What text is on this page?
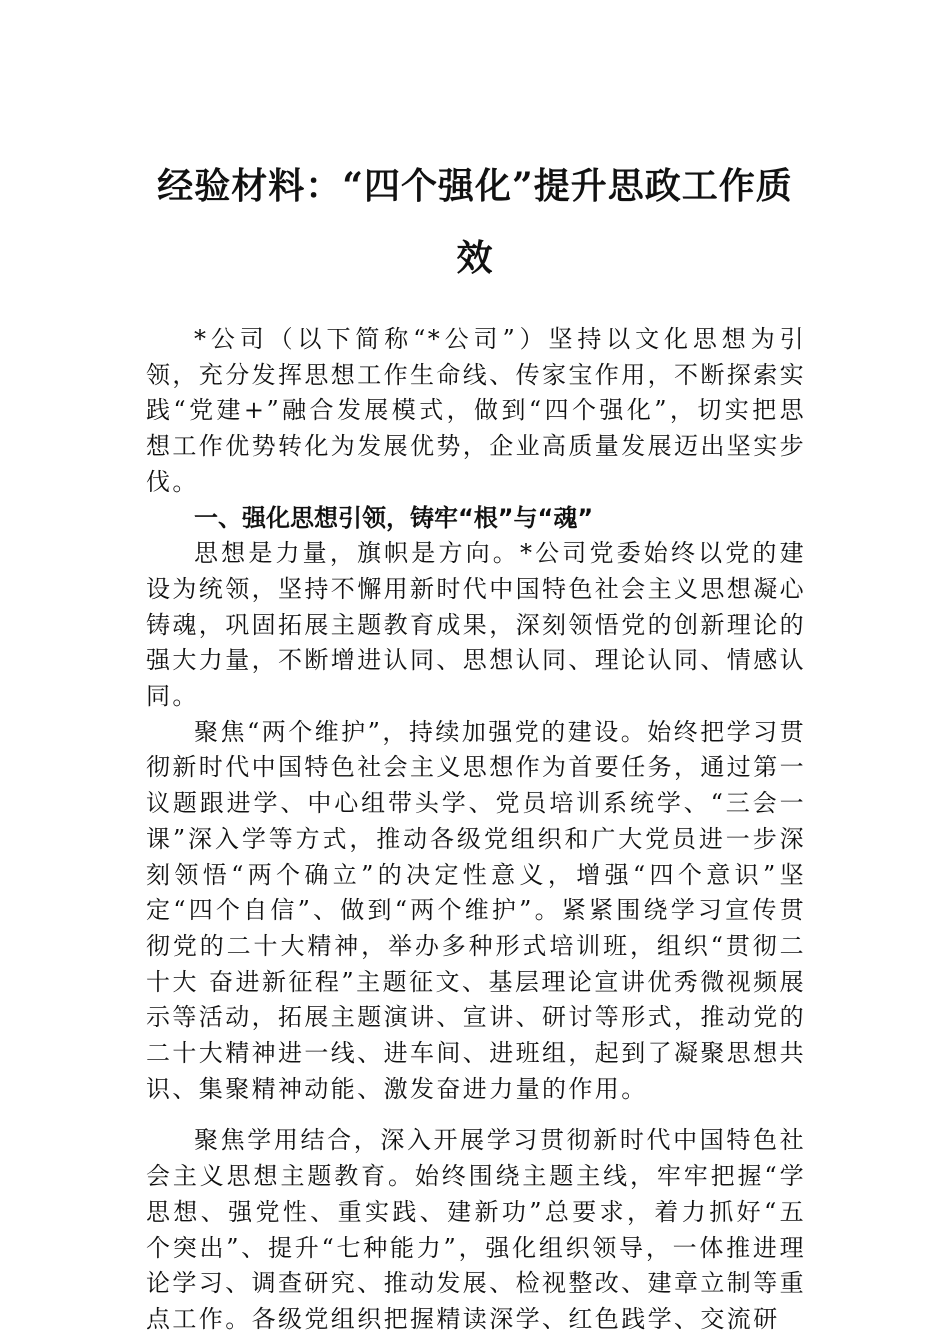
经验材料：“四个强化”提升思政工作质效

*公司（以下简称“*公司”）坚持以文化思想为引领，充分发挥思想工作生命线、传家宝作用，不断探索实践“党建+”融合发展模式，做到“四个强化”，切实把思想工作优势转化为发展优势，企业高质量发展迈出坚实步伐。

一、强化思想引领，铸牢“根”与“魂”

思想是力量，旗帜是方向。*公司党委始终以党的建设为统领，坚持不懈用新时代中国特色社会主义思想凝心铸魂，巩固拓展主题教育成果，深刻领悟党的创新理论的强大力量，不断增进认同、思想认同、理论认同、情感认同。

聚焦“两个维护”，持续加强党的建设。始终把学习贯彻新时代中国特色社会主义思想作为首要任务，通过第一议题跟进学、中心组带头学、党员培训系统学、“三会一课”深入学等方式，推动各级党组织和广大党员进一步深刻领悟“两个确立”的决定性意义，增强“四个意识”坚定“四个自信”、做到“两个维护”。紧紧围绕学习宣传贯彻党的二十大精神，举办多种形式培训班，组织“贯彻二十大 奋进新征程”主题征文、基层理论宣讲优秀微视频展示等活动，拓展主题演讲、宣讲、研讨等形式，推动党的二十大精神进一线、进车间、进班组，起到了凝聚思想共识、集聚精神动能、激发奋进力量的作用。

聚焦学用结合，深入开展学习贯彻新时代中国特色社会主义思想主题教育。始终围绕主题主线，牢牢把握“学思想、强党性、重实践、建新功”总要求，着力抓好“五个突出”、提升“七种能力”，强化组织领导，一体推进理论学习、调查研究、推动发展、检视整改、建章立制等重点工作。各级党组织把握精读深学、红色践学、交流研
